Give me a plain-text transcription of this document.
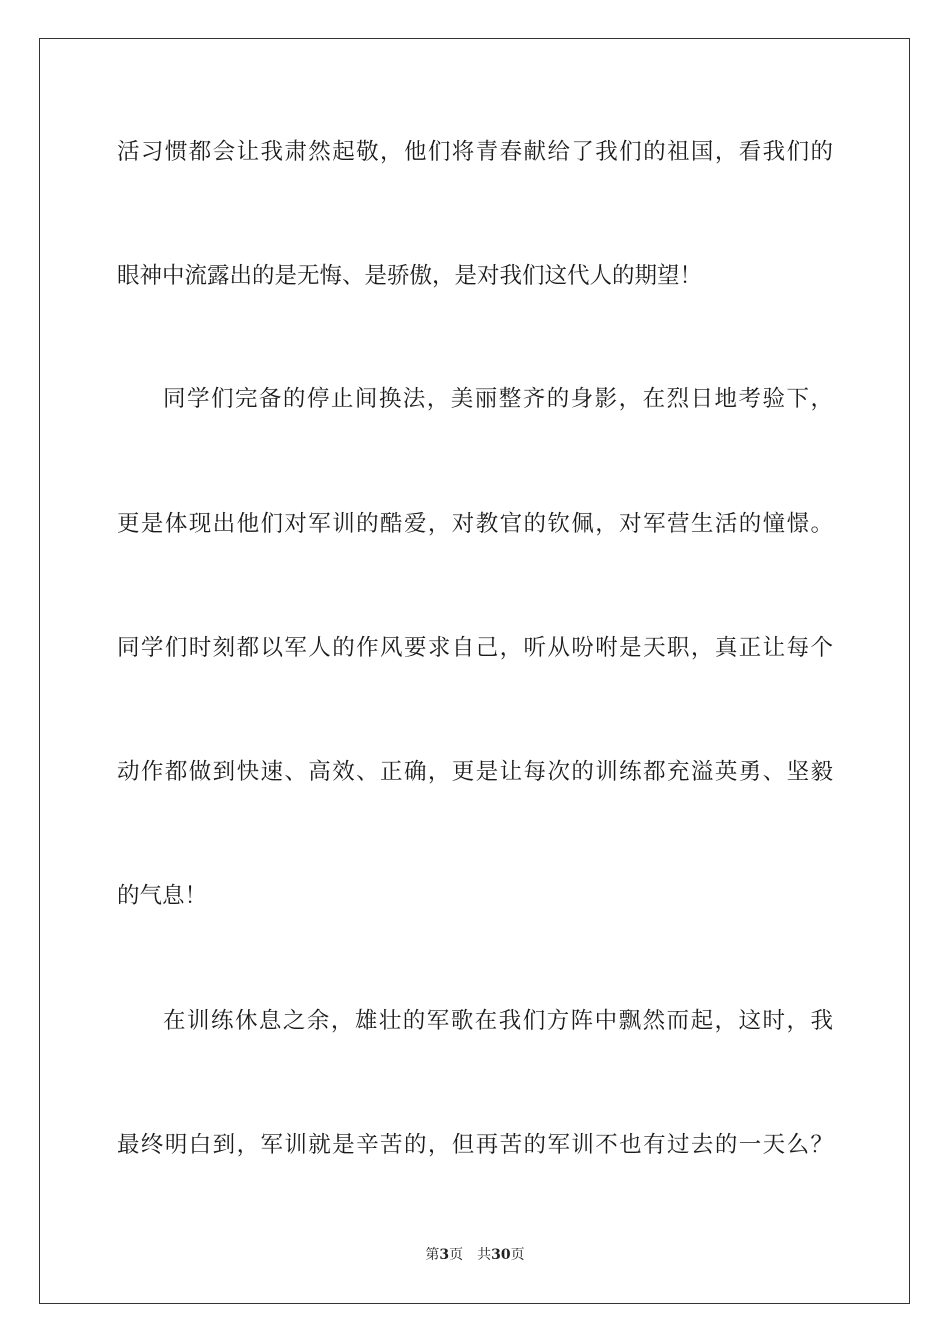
活习惯都会让我肃然起敬，他们将青春献给了我们的祖国，看我们的
眼神中流露出的是无悔、是骄傲，是对我们这代人的期望！
同学们完备的停止间换法，美丽整齐的身影，在烈日地考验下，
更是体现出他们对军训的酷爱，对教官的钦佩，对军营生活的憧憬。
同学们时刻都以军人的作风要求自己，听从吩咐是天职，真正让每个
动作都做到快速、高效、正确，更是让每次的训练都充溢英勇、坚毅
的气息！
在训练休息之余，雄壮的军歌在我们方阵中飘然而起，这时，我
最终明白到，军训就是辛苦的，但再苦的军训不也有过去的一天么？
第3页 共30页
